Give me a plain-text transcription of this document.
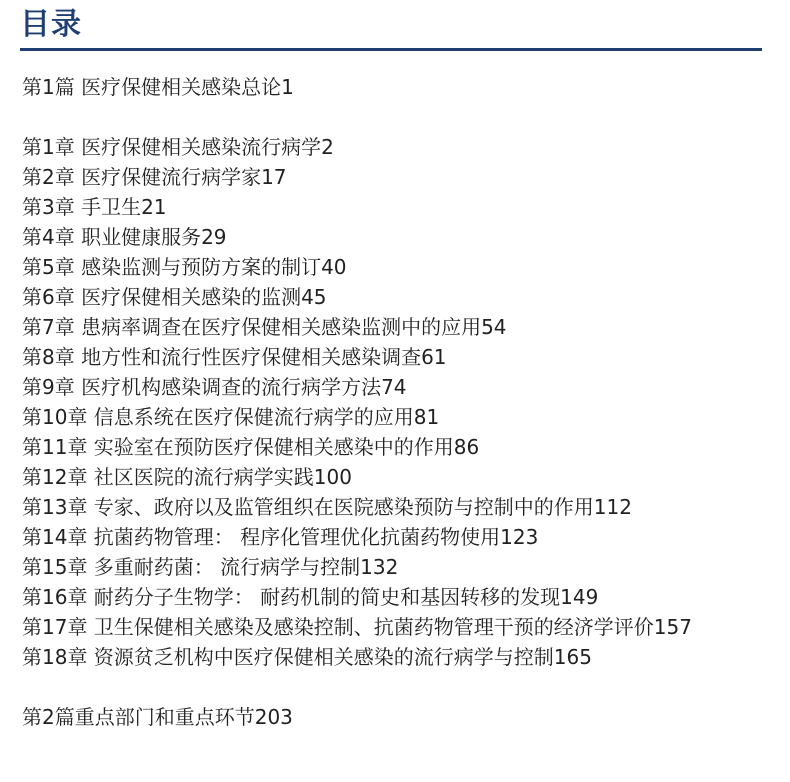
目录
第1篇 医疗保健相关感染总论1
第1章 医疗保健相关感染流行病学2
第2章 医疗保健流行病学家17
第3章 手卫生21
第4章 职业健康服务29
第5章 感染监测与预防方案的制订40
第6章 医疗保健相关感染的监测45
第7章 患病率调查在医疗保健相关感染监测中的应用54
第8章 地方性和流行性医疗保健相关感染调查61
第9章 医疗机构感染调查的流行病学方法74
第10章 信息系统在医疗保健流行病学的应用81
第11章 实验室在预防医疗保健相关感染中的作用86
第12章 社区医院的流行病学实践100
第13章 专家、政府以及监管组织在医院感染预防与控制中的作用112
第14章 抗菌药物管理： 程序化管理优化抗菌药物使用123
第15章 多重耐药菌： 流行病学与控制132
第16章 耐药分子生物学： 耐药机制的简史和基因转移的发现149
第17章 卫生保健相关感染及感染控制、抗菌药物管理干预的经济学评价157
第18章 资源贫乏机构中医疗保健相关感染的流行病学与控制165
第2篇重点部门和重点环节203
